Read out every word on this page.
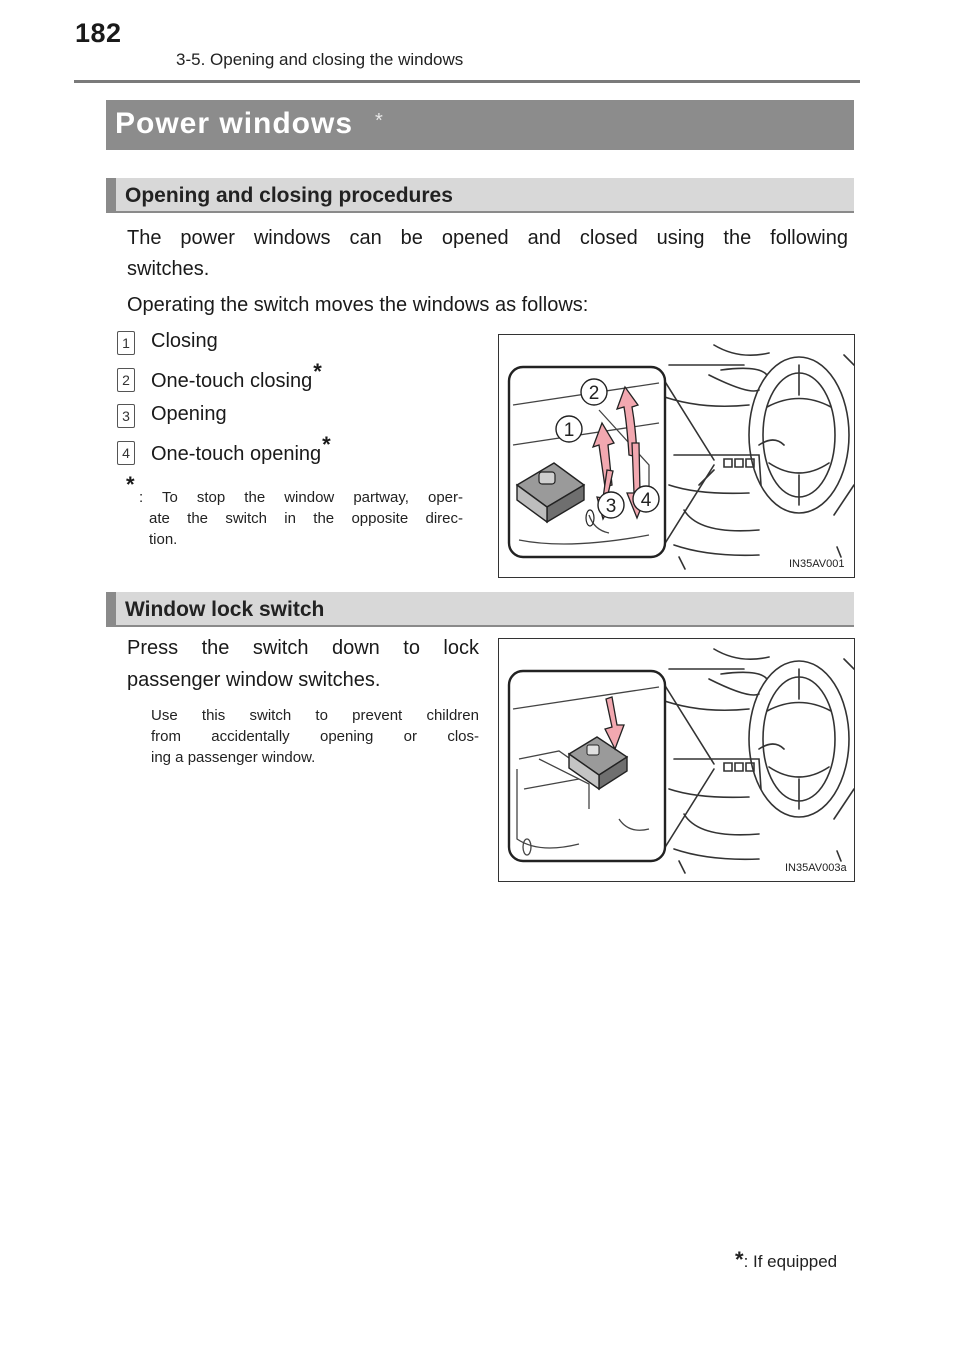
182
3-5. Opening and closing the windows
Power windows *
Opening and closing procedures
The power windows can be opened and closed using the following
switches.
Operating the switch moves the windows as follows:
1 Closing
2 One-touch closing*
3 Opening
4 One-touch opening*
*
: To stop the window partway, oper-
ate the switch in the opposite direc-
tion.
2
1
3 4
IN35AV001
Window lock switch
Press the switch down to lock
passenger window switches.
Use this switch to prevent children
from accidentally opening or clos-
ing a passenger window.
IN35AV003a
*: If equipped
